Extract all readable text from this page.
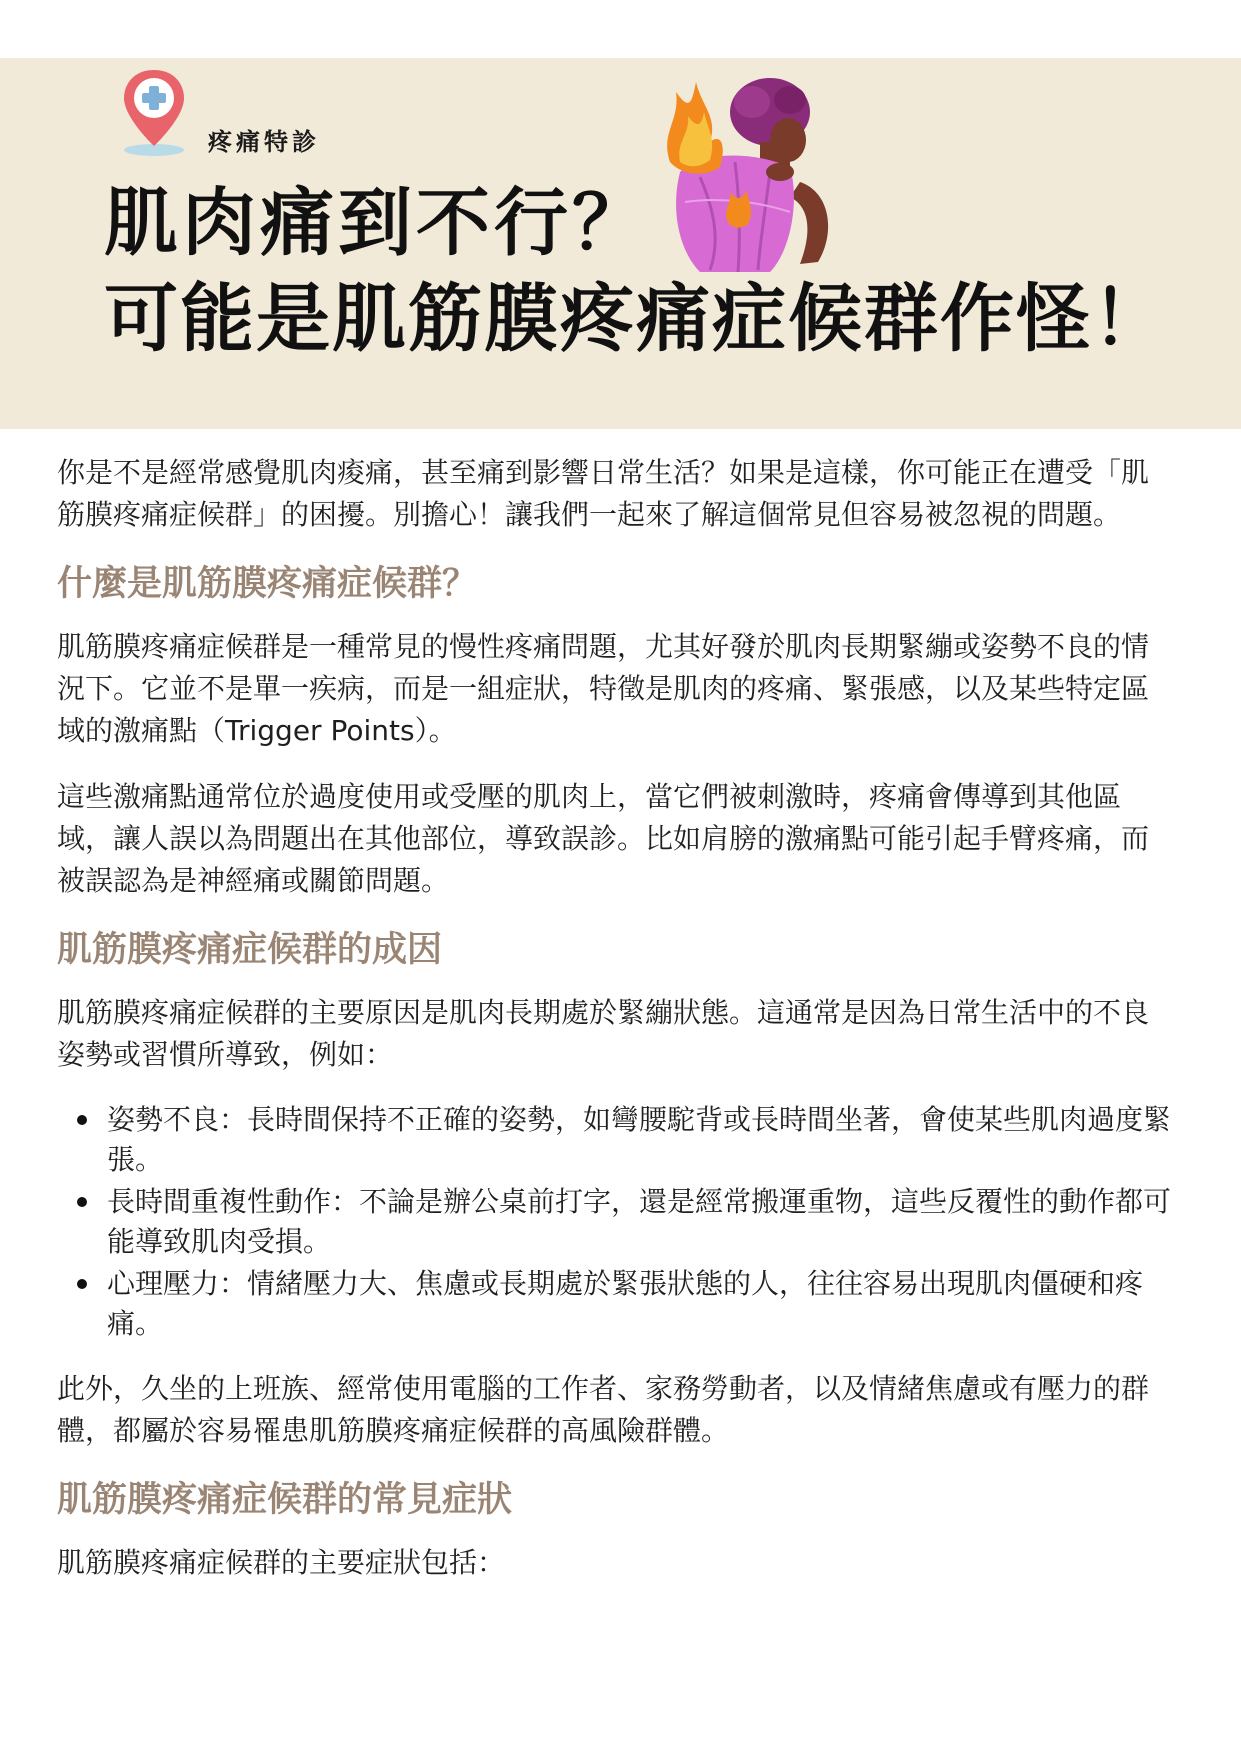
疼痛特診
肌肉痛到不行？
可能是肌筋膜疼痛症候群作怪！

你是不是經常感覺肌肉痠痛，甚至痛到影響日常生活？如果是這樣，你可能正在遭受「肌筋膜疼痛症候群」的困擾。別擔心！讓我們一起來了解這個常見但容易被忽視的問題。

什麼是肌筋膜疼痛症候群？

肌筋膜疼痛症候群是一種常見的慢性疼痛問題，尤其好發於肌肉長期緊繃或姿勢不良的情況下。它並不是單一疾病，而是一組症狀，特徵是肌肉的疼痛、緊張感，以及某些特定區域的激痛點（Trigger Points）。

這些激痛點通常位於過度使用或受壓的肌肉上，當它們被刺激時，疼痛會傳導到其他區域，讓人誤以為問題出在其他部位，導致誤診。比如肩膀的激痛點可能引起手臂疼痛，而被誤認為是神經痛或關節問題。

肌筋膜疼痛症候群的成因

肌筋膜疼痛症候群的主要原因是肌肉長期處於緊繃狀態。這通常是因為日常生活中的不良姿勢或習慣所導致，例如：

姿勢不良：長時間保持不正確的姿勢，如彎腰駝背或長時間坐著，會使某些肌肉過度緊張。
長時間重複性動作：不論是辦公桌前打字，還是經常搬運重物，這些反覆性的動作都可能導致肌肉受損。
心理壓力：情緒壓力大、焦慮或長期處於緊張狀態的人，往往容易出現肌肉僵硬和疼痛。

此外，久坐的上班族、經常使用電腦的工作者、家務勞動者，以及情緒焦慮或有壓力的群體，都屬於容易罹患肌筋膜疼痛症候群的高風險群體。

肌筋膜疼痛症候群的常見症狀

肌筋膜疼痛症候群的主要症狀包括：
